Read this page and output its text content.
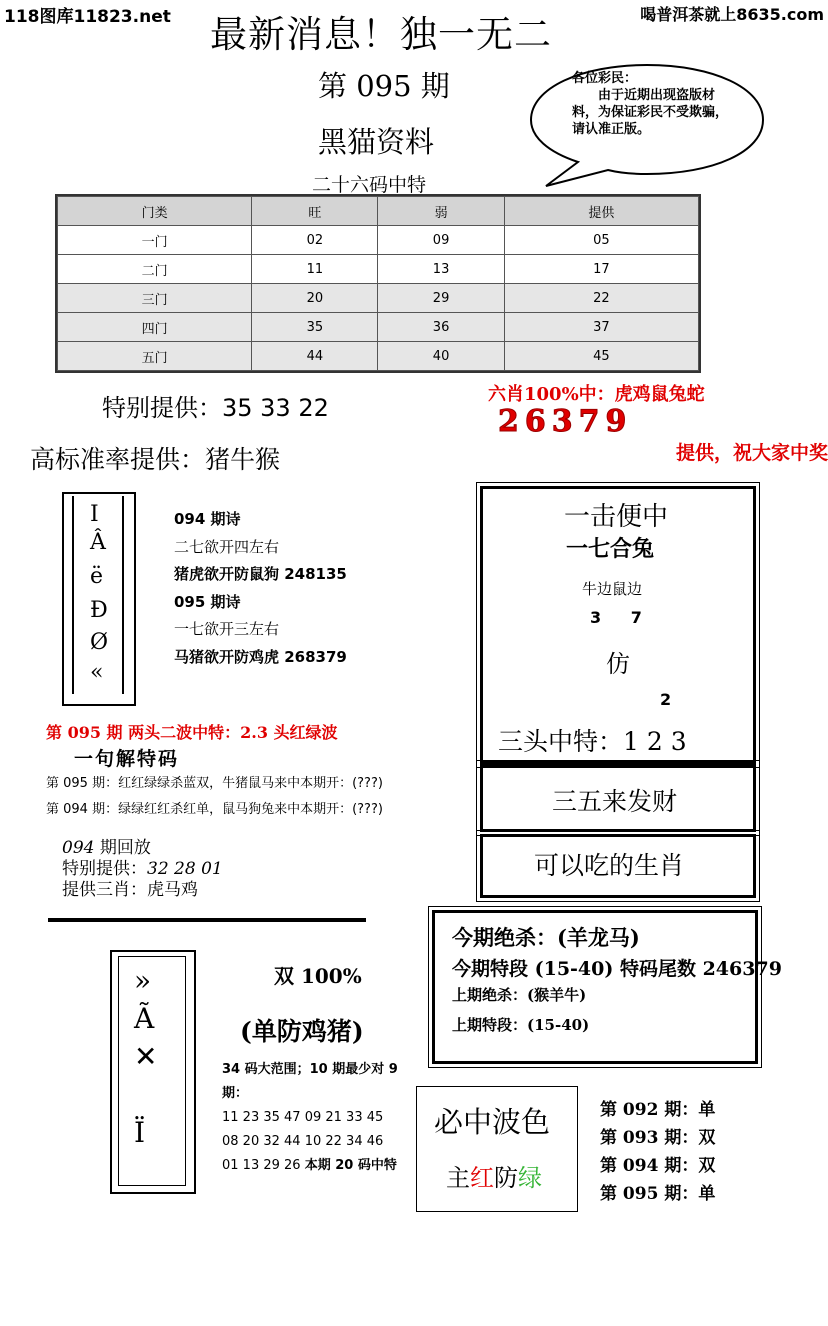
118图库11823.net	喝普洱茶就上8635.com
最新消息！独一无二
第 095 期
黑猫资料
二十六码中特
各位彩民：
由于近期出现盗版材料，为保证彩民不受欺骗，请认准正版。
门类	旺	弱	提供
一门	02	09	05
二门	11	13	17
三门	20	29	22
四门	35	36	37
五门	44	40	45
特别提供：35 33 22
高标准率提供：猪牛猴
六肖100%中：虎鸡鼠兔蛇
26379
提供，祝大家中奖
I
Â
ë
Ð
Ø
«
094 期诗
二七欲开四左右
猪虎欲开防鼠狗 248135
095 期诗
一七欲开三左右
马猪欲开防鸡虎 268379
第 095 期 两头二波中特：2.3 头红绿波
一句解特码
第 095 期：红红绿绿杀蓝双，牛猪鼠马来中本期开：(???)
第 094 期：绿绿红红杀红单，鼠马狗兔来中本期开：(???)
094 期回放
特别提供：32 28 01
提供三肖：虎马鸡
一击便中
一七合兔
牛边鼠边
3 7
仿
2
三头中特：1 2 3
三五来发财
可以吃的生肖
今期绝杀：(羊龙马)
今期特段 (15-40) 特码尾数 246379
上期绝杀：(猴羊牛)
上期特段：(15-40)
»
Ã
✕
Ï
双 100%
(单防鸡猪)
34 码大范围；10 期最少对 9 期：
11 23 35 47 09 21 33 45
08 20 32 44 10 22 34 46
01 13 29 26 本期 20 码中特
必中波色
主红防绿
第 092 期：单
第 093 期：双
第 094 期：双
第 095 期：单
